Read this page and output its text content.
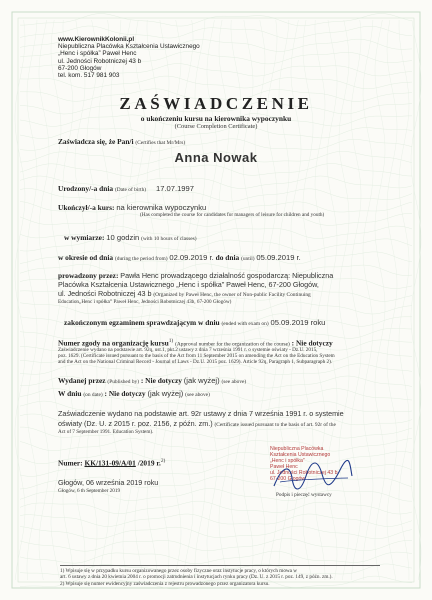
www.KierownikKolonii.pl
Niepubliczna Placówka Kształcenia Ustawicznego
„Henc i spółka” Paweł Henc
ul. Jedności Robotniczej 43 b
67-200 Głogów
tel. kom. 517 981 903
ZAŚWIADCZENIE
o ukończeniu kursu na kierownika wypoczynku
(Course Completion Certificate)
Zaświadcza się, że Pan/i (Certifies that Mr/Mrs)
Anna Nowak
Urodzony/-a dnia (Date of birth) 17.07.1997
Ukończył/-a kurs: na kierownika wypoczynku
(Has completed the course for candidates for managers of leisure for children and youth)
w wymiarze: 10 godzin (with 10 hours of classes)
w okresie od dnia (during the period from) 02.09.2019 r. do dnia (until) 05.09.2019 r.
prowadzony przez: Pawła Henc prowadzącego działalność gospodarczą: Niepubliczna
Placówka Kształcenia Ustawicznego „Henc i spółka” Paweł Henc, 67-200 Głogów,
ul. Jedności Robotniczej 43 b (Organized by Paweł Henc, the owner of Non-public Facility Continuing
Education„Henc i spółka” Paweł Henc, Jedności Robotniczej 43b, 67-200 Głogów)
zakończonym egzaminem sprawdzającym w dniu (ended with exam on) 05.09.2019 roku
Numer zgody na organizację kursu$^{1)}$ (Approval number for the organization of the course) : Nie dotyczy
Zaświadczenie wydano na podstawie art. 92q, ust.1, pkt.2 ustawy z dnia 7 września 1991 r. o systemie oświaty - Dz.U. 2015,
poz. 1629. (Certificate issued pursuant to the basis of the Act from 11 September 2015 on amending the Act on the Education System
and the Act on the National Criminal Record - Journal of Laws - Dz.U. 2015 poz. 1629). Article 92q, Paragraph 1, Subparagraph 2).
Wydanej przez (Published by) : Nie dotyczy (jak wyżej) (see above)
W dniu (on date) : Nie dotyczy (jak wyżej) (see above)
Zaświadczenie wydano na podstawie art. 92r ustawy z dnia 7 września 1991 r. o systemie
oświaty (Dz. U. z 2015 r. poz. 2156, z późn. zm.) (Certificate issued pursuant to the basis of art. 92r of the
Act of 7 September 1991. Education System).
Numer: KK/131-09/A/01 /2019 r.$^{2)}$
Głogów, 06 września 2019 roku
Głogów, 6 th September 2019
Niepubliczna Placówka
Kształcenia Ustawicznego
„Henc i spółka”
Paweł Henc
ul. Jedności Robotniczej 43 b
67-200 Głogów
Podpis i pieczęć wystawcy
1) Wpisuje się w przypadku kursu organizowanego przez osoby fizyczne oraz instytucje pracy, o których mowa w
art. 6 ustawy z dnia 20 kwietnia 2004 r. o promocji zatrudnienia i instytucjach rynku pracy (Dz. U. z 2015 r. poz. 149, z późn. zm.).
2) Wpisuje się numer ewidencyjny zaświadczenia z rejestru prowadzonego przez organizatora kursu.
